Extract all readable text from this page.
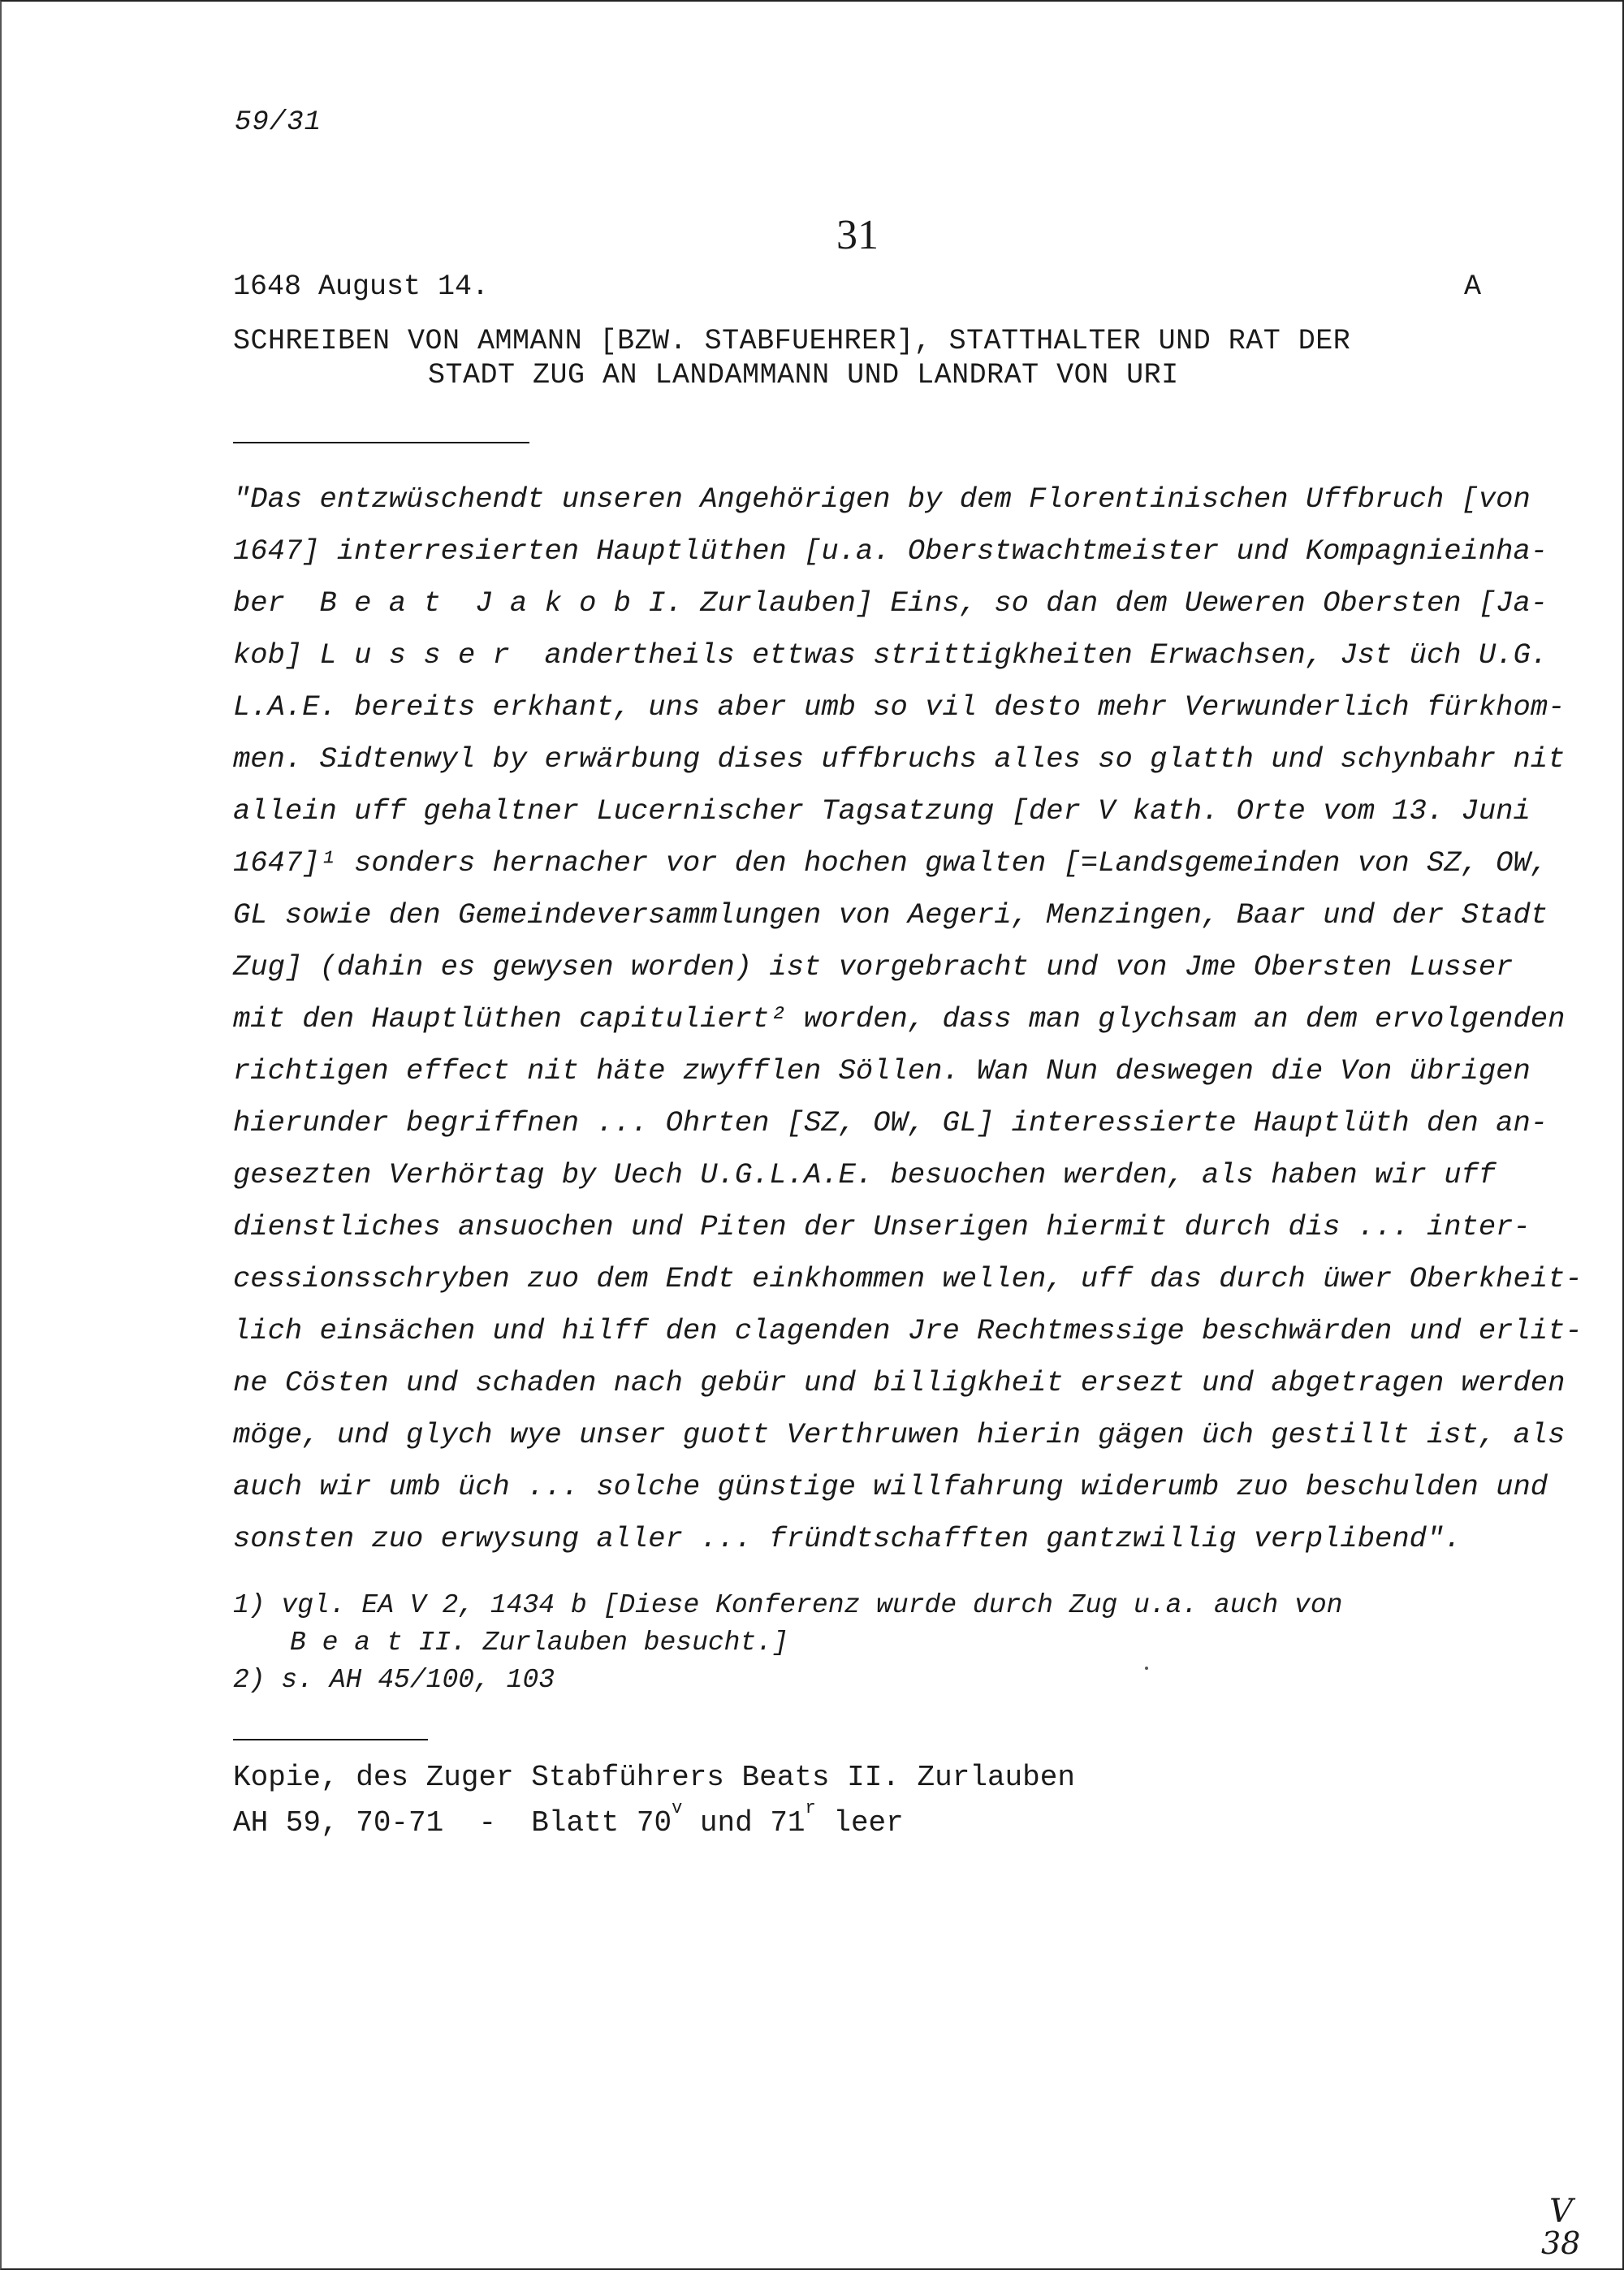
59/31
31
1648 August 14.	A
SCHREIBEN VON AMMANN [BZW. STABFUEHRER], STATTHALTER UND RAT DER
STADT ZUG AN LANDAMMANN UND LANDRAT VON URI
"Das entzwüschendt unseren Angehörigen by dem Florentinischen Uffbruch [von
1647] interresierten Hauptlüthen [u.a. Oberstwachtmeister und Kompagnieinha-
ber  B e a t  J a k o b I. Zurlauben] Eins, so dan dem Ueweren Obersten [Ja-
kob] L u s s e r  andertheils ettwas strittigkheiten Erwachsen, Jst üch U.G.
L.A.E. bereits erkhant, uns aber umb so vil desto mehr Verwunderlich fürkhom-
men. Sidtenwyl by erwärbung dises uffbruchs alles so glatth und schynbahr nit
allein uff gehaltner Lucernischer Tagsatzung [der V kath. Orte vom 13. Juni
1647]¹ sonders hernacher vor den hochen gwalten [=Landsgemeinden von SZ, OW,
GL sowie den Gemeindeversammlungen von Aegeri, Menzingen, Baar und der Stadt
Zug] (dahin es gewysen worden) ist vorgebracht und von Jme Obersten Lusser
mit den Hauptlüthen capituliert² worden, dass man glychsam an dem ervolgenden
richtigen effect nit häte zwyfflen Söllen. Wan Nun deswegen die Von übrigen
hierunder begriffnen ... Ohrten [SZ, OW, GL] interessierte Hauptlüth den an-
gesezten Verhörtag by Uech U.G.L.A.E. besuochen werden, als haben wir uff
dienstliches ansuochen und Piten der Unserigen hiermit durch dis ... inter-
cessionsschryben zuo dem Endt einkhommen wellen, uff das durch üwer Oberkheit-
lich einsächen und hilff den clagenden Jre Rechtmessige beschwärden und erlit-
ne Cösten und schaden nach gebür und billigkheit ersezt und abgetragen werden
möge, und glych wye unser guott Verthruwen hierin gägen üch gestillt ist, als
auch wir umb üch ... solche günstige willfahrung widerumb zuo beschulden und
sonsten zuo erwysung aller ... fründtschafften gantzwillig verplibend".
1) vgl. EA V 2, 1434 b [Diese Konferenz wurde durch Zug u.a. auch von
B e a t II. Zurlauben besucht.]
2) s. AH 45/100, 103
Kopie, des Zuger Stabführers Beats II. Zurlauben
AH 59, 70-71  -  Blatt 70$^v$ und 71$^r$ leer
V
38
